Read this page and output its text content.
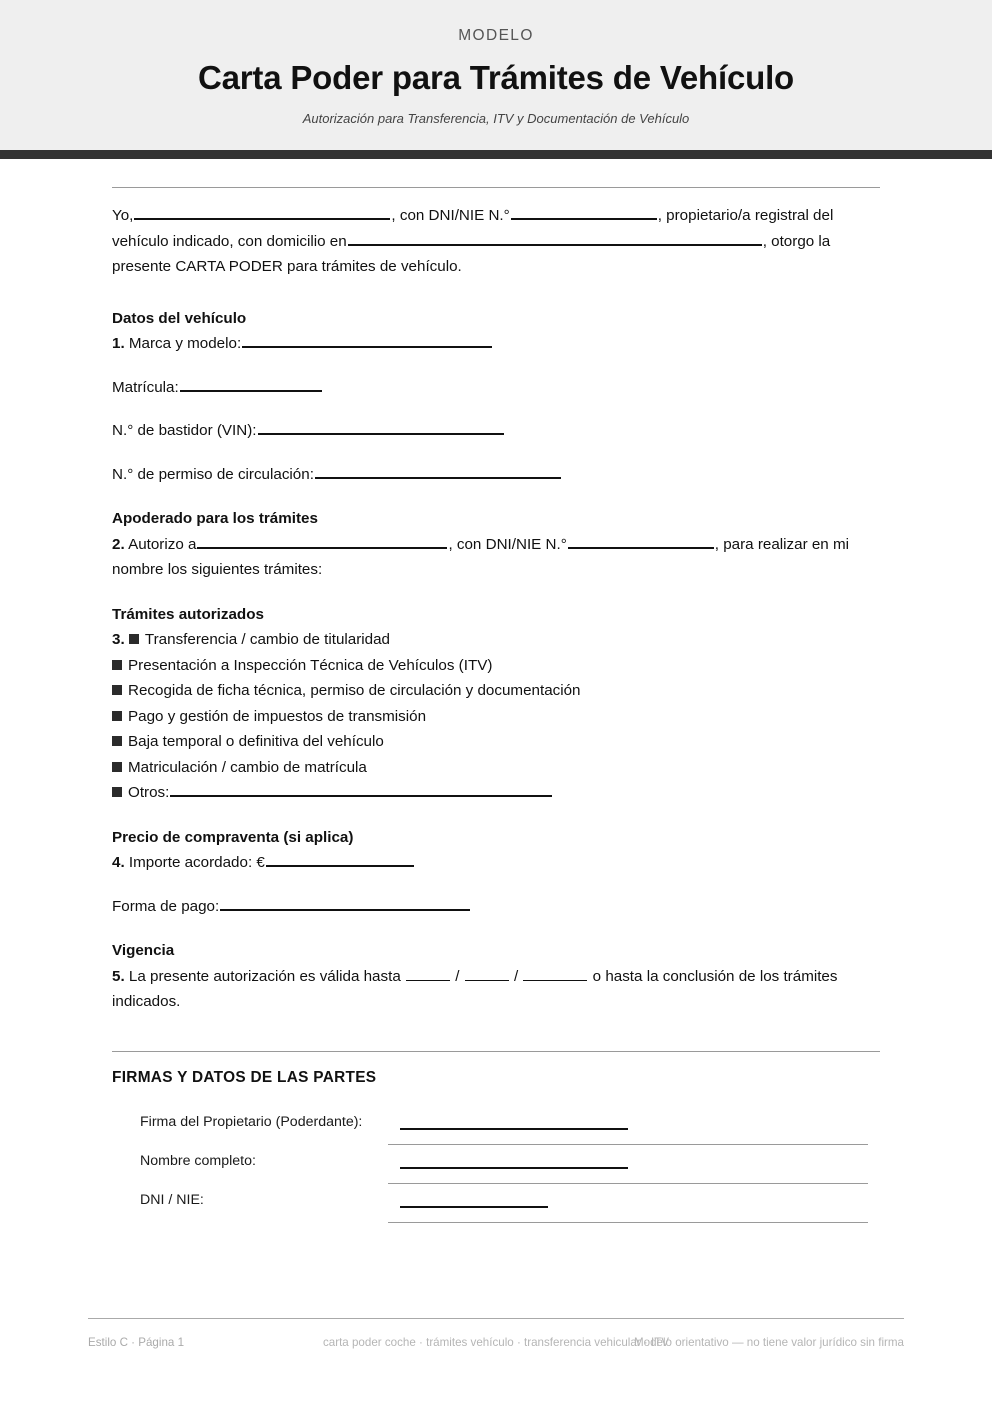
MODELO
Carta Poder para Trámites de Vehículo
Autorización para Transferencia, ITV y Documentación de Vehículo

Yo,	, con DNI/NIE N.°	, propietario/a registral del vehículo indicado, con domicilio en	, otorgo la presente CARTA PODER para trámites de vehículo.

Datos del vehículo

1. Marca y modelo:

Matrícula:

N.° de bastidor (VIN):

N.° de permiso de circulación:

Apoderado para los trámites

2. Autorizo a	, con DNI/NIE N.°	, para realizar en mi nombre los siguientes trámites:

Trámites autorizados
3. Transferencia / cambio de titularidad
Presentación a Inspección Técnica de Vehículos (ITV)
Recogida de ficha técnica, permiso de circulación y documentación
Pago y gestión de impuestos de transmisión
Baja temporal o definitiva del vehículo
Matriculación / cambio de matrícula
Otros:
Precio de compraventa (si aplica)

4. Importe acordado: €

Forma de pago:

Vigencia

5. La presente autorización es válida hasta	/	/	o hasta la conclusión de los trámites indicados.

FIRMAS Y DATOS DE LAS PARTES
Firma del Propietario (Poderdante):
Nombre completo:
DNI / NIE:
Estilo C · Página 1	carta poder coche · trámites vehículo · transferencia vehicular · ITV
Modelo orientativo — no tiene valor jurídico sin firma
